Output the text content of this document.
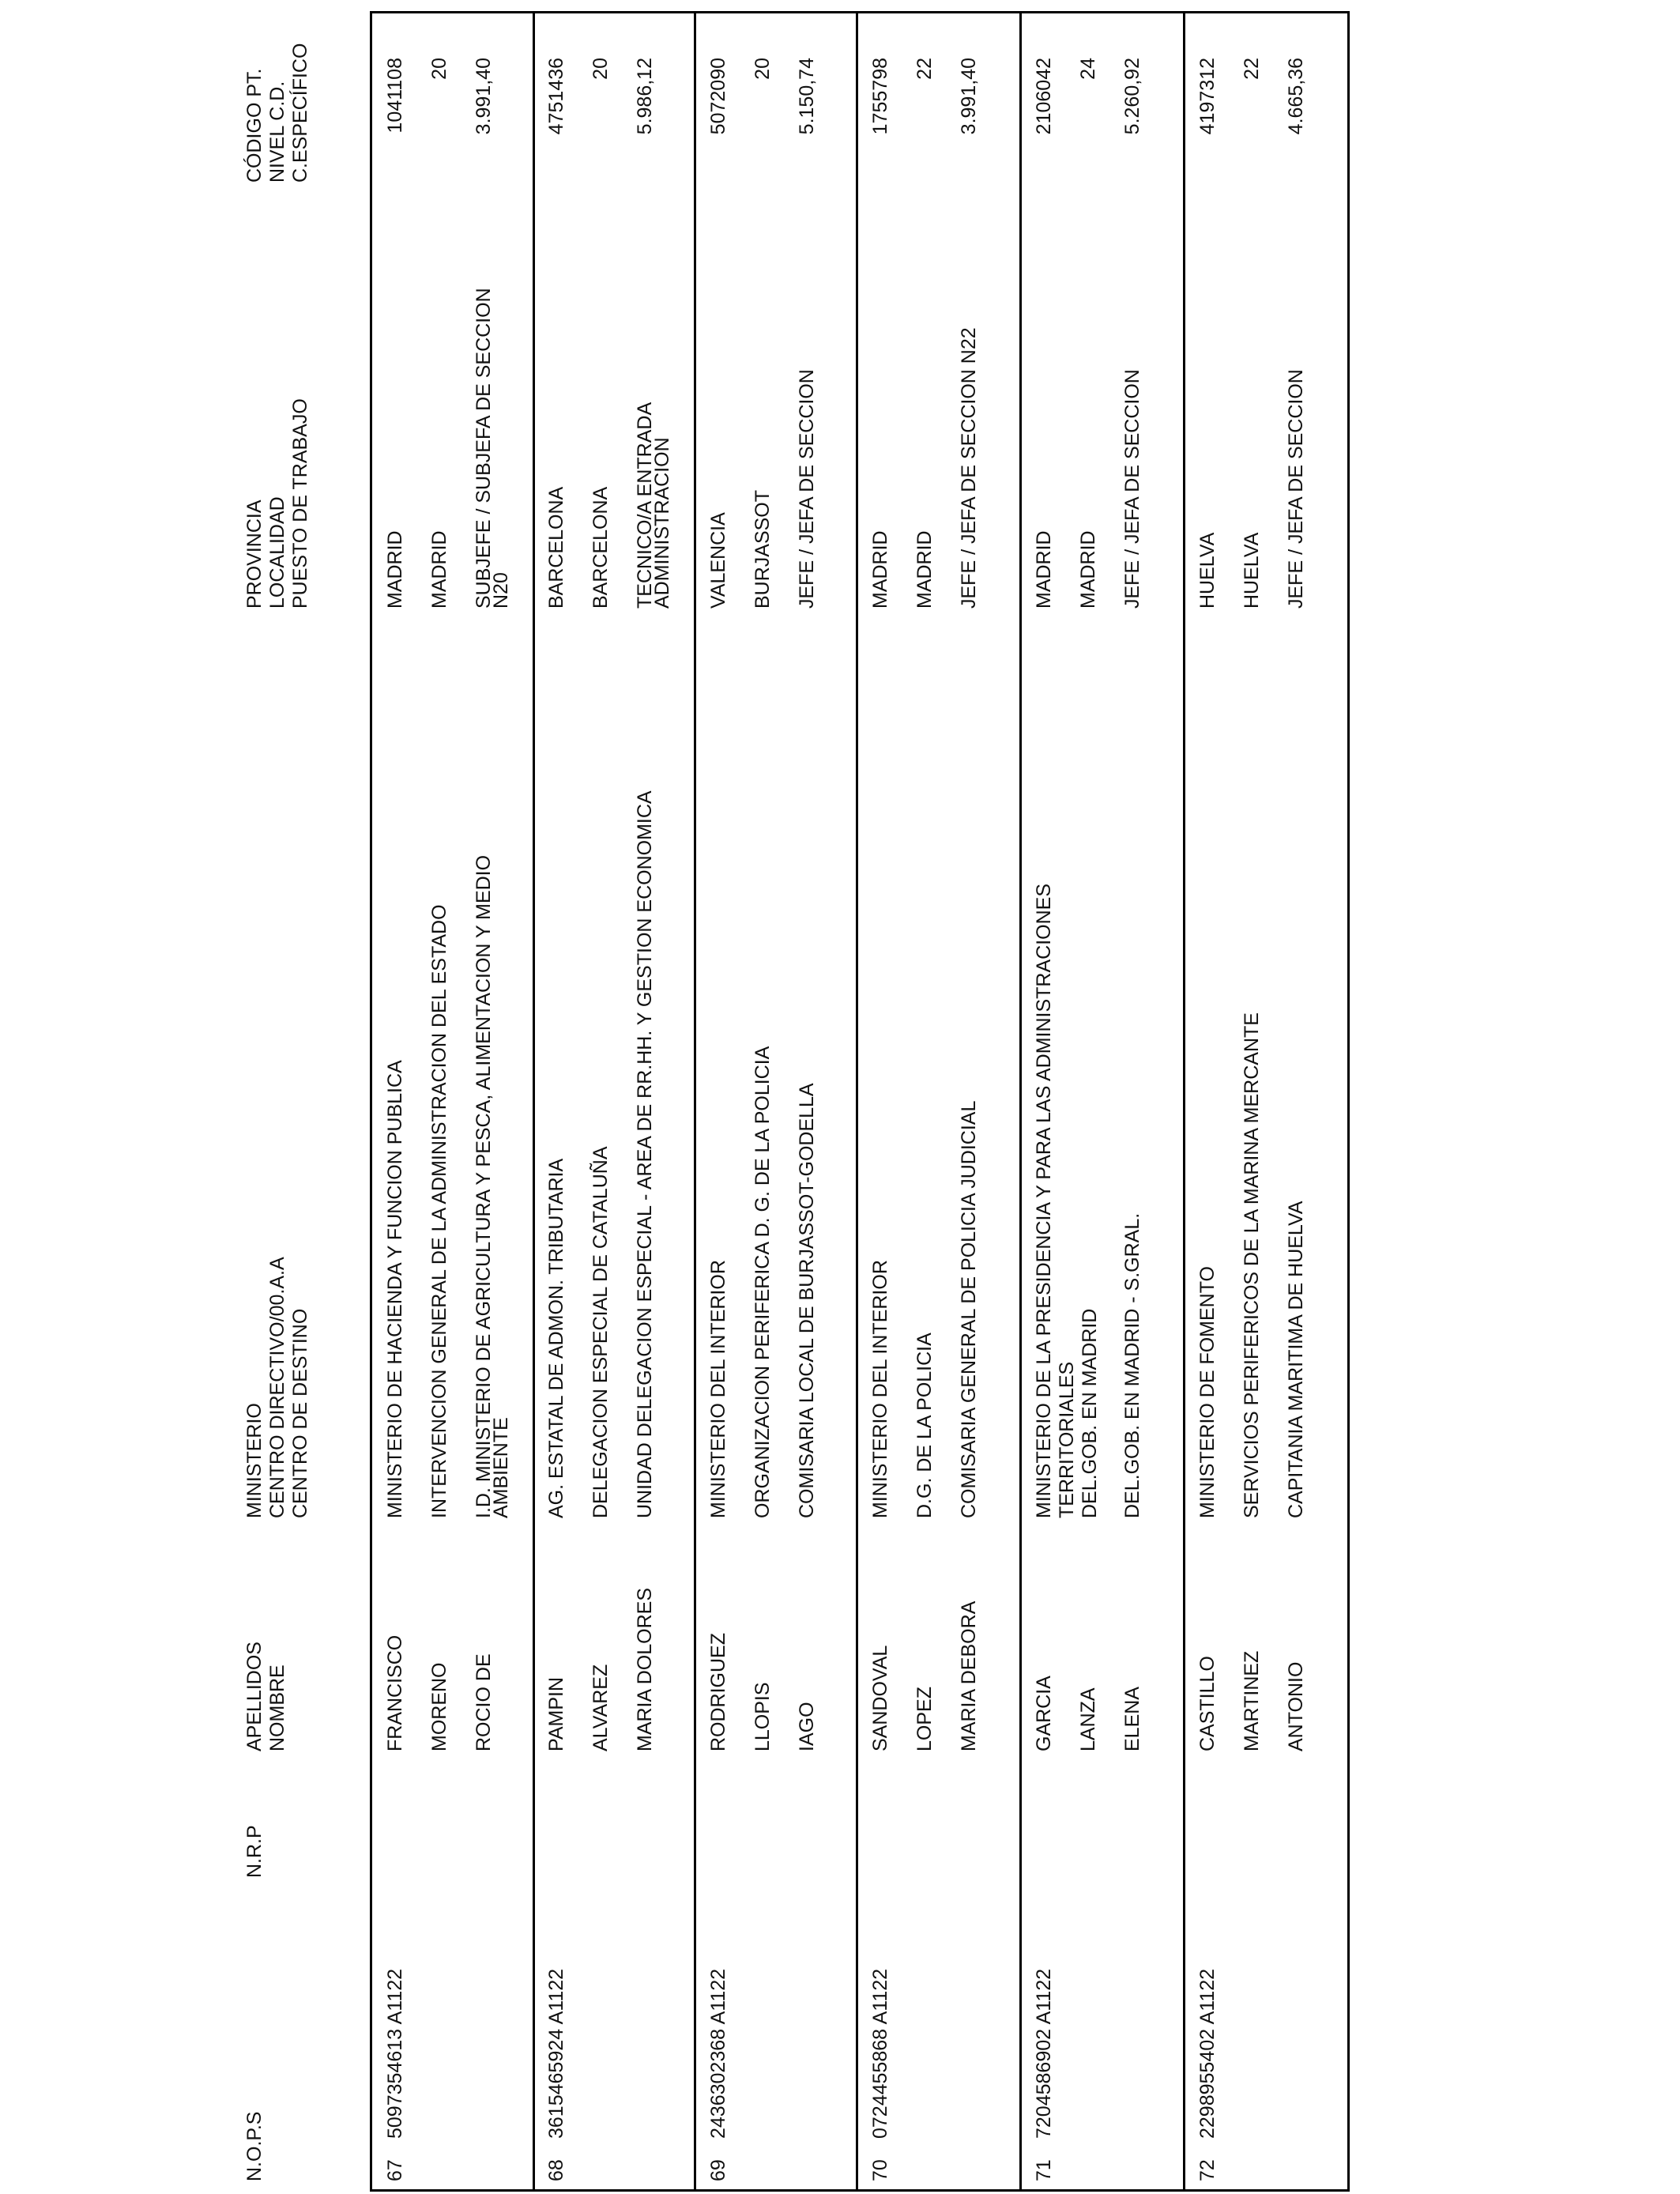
N.O.P.S
N.R.P
APELLIDOS NOMBRE
MINISTERIO CENTRO DIRECTIVO/00.A.A CENTRO DE DESTINO
PROVINCIA LOCALIDAD PUESTO DE TRABAJO
CÓDIGO PT. NIVEL C.D. C.ESPECÍFICO
67
5097354613 A1122
FRANCISCO MORENO ROCIO DE
MINISTERIO DE HACIENDA Y FUNCION PUBLICA INTERVENCION GENERAL DE LA ADMINISTRACION DEL ESTADO I.D. MINISTERIO DE AGRICULTURA Y PESCA, ALIMENTACION Y MEDIO
AMBIENTE
MADRID MADRID SUBJEFE / SUBJEFA DE SECCION
N20
1041108 20 3.991,40
68
3615465924 A1122
PAMPIN ALVAREZ MARIA DOLORES
AG. ESTATAL DE ADMON. TRIBUTARIA DELEGACION ESPECIAL DE CATALUÑA UNIDAD DELEGACION ESPECIAL - AREA DE RR.HH. Y GESTION ECONOMICA
BARCELONA BARCELONA TECNICO/A ENTRADA
ADMINISTRACION
4751436 20 5.986,12
69
2436302368 A1122
RODRIGUEZ LLOPIS IAGO
MINISTERIO DEL INTERIOR ORGANIZACION PERIFERICA D. G. DE LA POLICIA COMISARIA LOCAL DE BURJASSOT-GODELLA
VALENCIA BURJASSOT JEFE / JEFA DE SECCION
5072090 20 5.150,74
70
0724455868 A1122
SANDOVAL LOPEZ MARIA DEBORA
MINISTERIO DEL INTERIOR D.G. DE LA POLICIA COMISARIA GENERAL DE POLICIA JUDICIAL
MADRID MADRID JEFE / JEFA DE SECCION N22
1755798 22 3.991,40
71
7204586902 A1122
GARCIA LANZA ELENA
MINISTERIO DE LA PRESIDENCIA Y PARA LAS ADMINISTRACIONES TERRITORIALES DEL.GOB. EN MADRID DEL.GOB. EN MADRID - S.GRAL.
MADRID MADRID JEFE / JEFA DE SECCION
2106042 24 5.260,92
72
2298955402 A1122
CASTILLO MARTINEZ ANTONIO
MINISTERIO DE FOMENTO SERVICIOS PERIFERICOS DE LA MARINA MERCANTE CAPITANIA MARITIMA DE HUELVA
HUELVA HUELVA JEFE / JEFA DE SECCION
4197312 22 4.665,36
